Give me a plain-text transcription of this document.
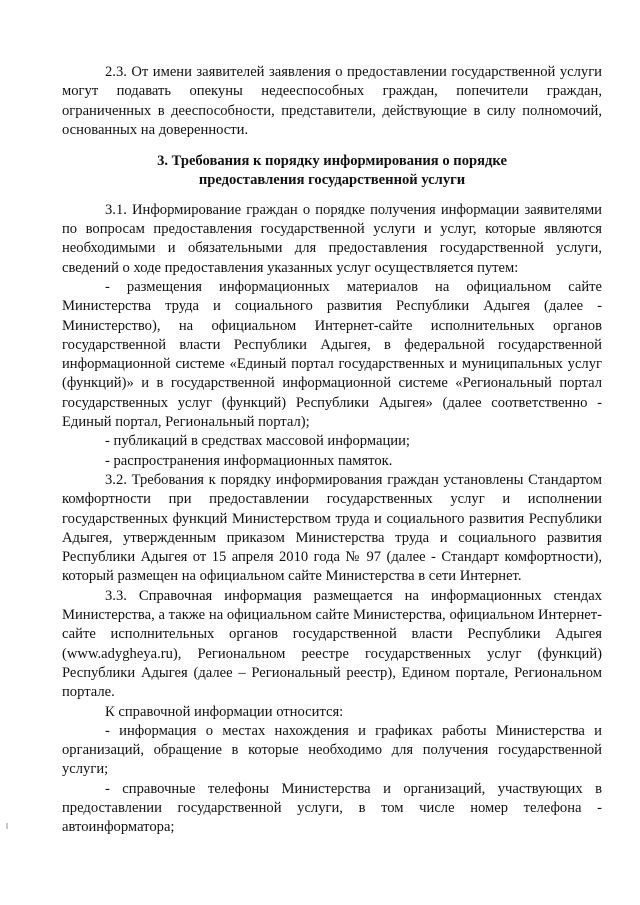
2.3. От имени заявителей заявления о предоставлении государственной услуги могут подавать опекуны недееспособных граждан, попечители граждан, ограниченных в дееспособности, представители, действующие в силу полномочий, основанных на доверенности.

3. Требования к порядку информирования о порядке
предоставления государственной услуги

3.1. Информирование граждан о порядке получения информации заявителями по вопросам предоставления государственной услуги и услуг, которые являются необходимыми и обязательными для предоставления государственной услуги, сведений о ходе предоставления указанных услуг осуществляется путем:

- размещения информационных материалов на официальном сайте Министерства труда и социального развития Республики Адыгея (далее - Министерство), на официальном Интернет-сайте исполнительных органов государственной власти Республики Адыгея, в федеральной государственной информационной системе «Единый портал государственных и муниципальных услуг (функций)» и в государственной информационной системе «Региональный портал государственных услуг (функций) Республики Адыгея» (далее соответственно - Единый портал, Региональный портал);

- публикаций в средствах массовой информации;

- распространения информационных памяток.

3.2. Требования к порядку информирования граждан установлены Стандартом комфортности при предоставлении государственных услуг и исполнении государственных функций Министерством труда и социального развития Республики Адыгея, утвержденным приказом Министерства труда и социального развития Республики Адыгея от 15 апреля 2010 года № 97 (далее - Стандарт комфортности), который размещен на официальном сайте Министерства в сети Интернет.

3.3. Справочная информация размещается на информационных стендах Министерства, а также на официальном сайте Министерства, официальном Интернет-сайте исполнительных органов государственной власти Республики Адыгея (www.adygheya.ru), Региональном реестре государственных услуг (функций) Республики Адыгея (далее – Региональный реестр), Едином портале, Региональном портале.

К справочной информации относится:

- информация о местах нахождения и графиках работы Министерства и организаций, обращение в которые необходимо для получения государственной услуги;

- справочные телефоны Министерства и организаций, участвующих в предоставлении государственной услуги, в том числе номер телефона - автоинформатора;
